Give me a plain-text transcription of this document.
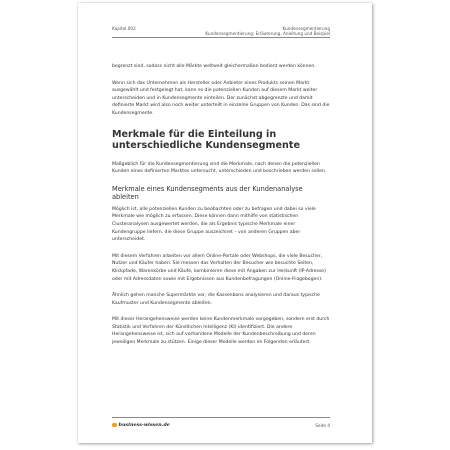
Kapitel 002	Kundensegmentierung
Kundensegmentierung: Erläuterung, Anleitung und Beispiel

begrenzt sind, sodass nicht alle Märkte weltweit gleichermaßen bedient werden können.

Wenn sich das Unternehmen als Hersteller oder Anbieter eines Produkts seinen Markt ausgewählt und festgelegt hat, kann es die potenziellen Kunden auf diesem Markt weiter unterscheiden und in Kundensegmente einteilen. Der zunächst abgegrenzte und damit definierte Markt wird also noch weiter unterteilt in einzelne Gruppen von Kunden. Das sind die Kundensegmente.

Merkmale für die Einteilung in unterschiedliche Kundensegmente

Maßgeblich für die Kundensegmentierung sind die Merkmale, nach denen die potenziellen Kunden eines definierten Marktes untersucht, unterschieden und beschrieben werden sollen.

Merkmale eines Kundensegments aus der Kundenanalyse ableiten

Möglich ist, alle potenziellen Kunden zu beobachten oder zu befragen und dabei so viele Merkmale wie möglich zu erfassen. Diese können dann mithilfe von statistischen Clusteranalysen ausgewertet werden, die als Ergebnis typische Merkmale einer Kundengruppe liefern, die diese Gruppe auszeichnet – von anderen Gruppen aber unterscheidet.

Mit diesem Verfahren arbeiten vor allem Online-Portale oder Webshops, die viele Besucher, Nutzer und Käufer haben. Sie messen das Verhalten der Besucher wie besuchte Seiten, Klickpfade, Warenkörbe und Käufe, kombinieren diese mit Angaben zur Herkunft (IP-Adresse) oder mit Adressdaten sowie mit Ergebnissen aus Kundenbefragungen (Online-Fragebogen).

Ähnlich gehen manche Supermärkte vor, die Kassenbons analysieren und daraus typische Kaufmuster und Kundensegmente ableiten.

Mit dieser Herangehensweise werden keine Kundenmerkmale vorgegeben, sondern erst durch Statistik und Verfahren der Künstlichen Intelligenz (KI) identifiziert. Die andere Herangehensweise ist, sich auf vorhandene Modelle der Kundenbeschreibung und deren jeweiligen Merkmale zu stützen. Einige dieser Modelle werden im Folgenden erläutert.

business-wissen.de	Seite 4
